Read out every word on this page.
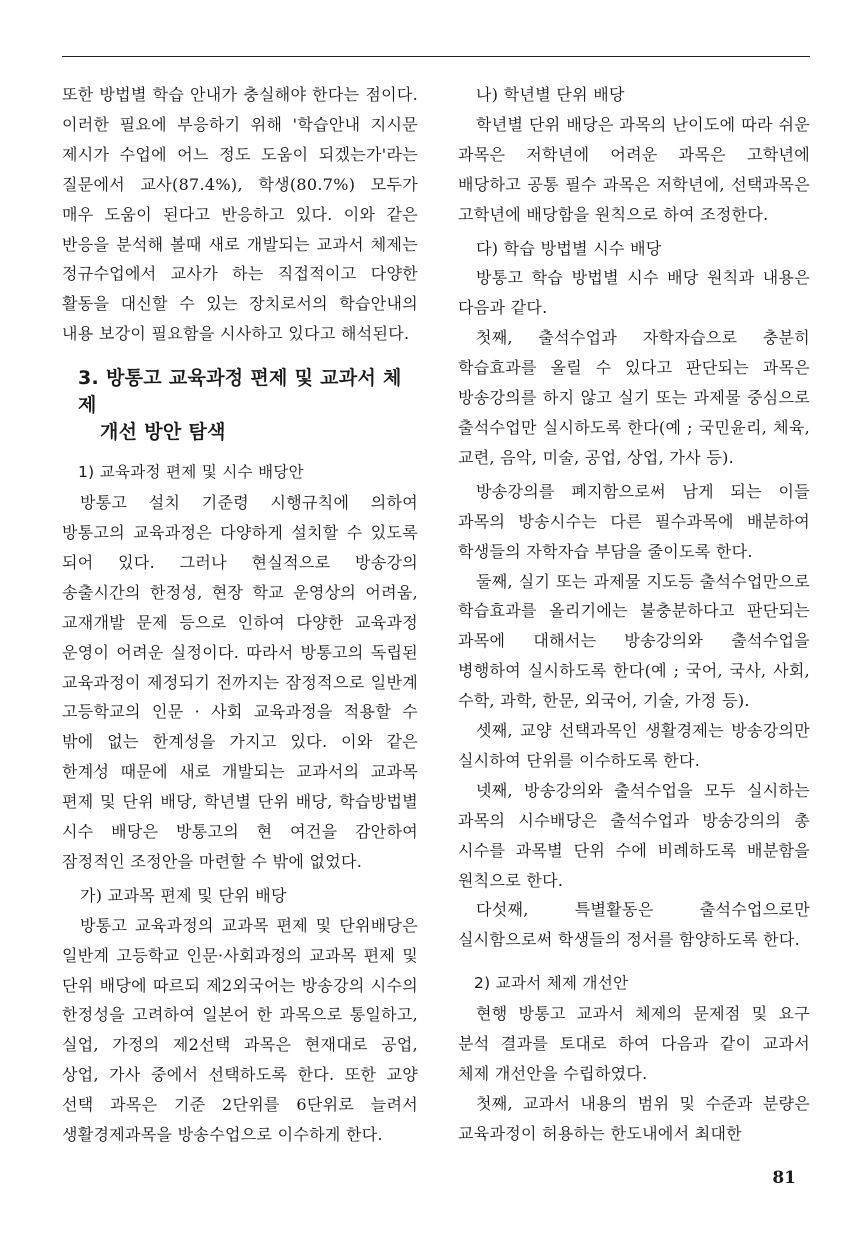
또한 방법별 학습 안내가 충실해야 한다는 점이다. 이러한 필요에 부응하기 위해 '학습안내 지시문 제시가 수업에 어느 정도 도움이 되겠는가'라는 질문에서 교사(87.4%), 학생(80.7%) 모두가 매우 도움이 된다고 반응하고 있다. 이와 같은 반응을 분석해 볼때 새로 개발되는 교과서 체제는 정규수업에서 교사가 하는 직접적이고 다양한 활동을 대신할 수 있는 장치로서의 학습안내의 내용 보강이 필요함을 시사하고 있다고 해석된다.

3. 방통고 교육과정 편제 및 교과서 체제
개선 방안 탐색

1) 교육과정 편제 및 시수 배당안

방통고 설치 기준령 시행규칙에 의하여 방통고의 교육과정은 다양하게 설치할 수 있도록 되어 있다. 그러나 현실적으로 방송강의 송출시간의 한정성, 현장 학교 운영상의 어려움, 교재개발 문제 등으로 인하여 다양한 교육과정 운영이 어려운 실정이다. 따라서 방통고의 독립된 교육과정이 제정되기 전까지는 잠정적으로 일반계 고등학교의 인문 · 사회 교육과정을 적용할 수 밖에 없는 한계성을 가지고 있다. 이와 같은 한계성 때문에 새로 개발되는 교과서의 교과목 편제 및 단위 배당, 학년별 단위 배당, 학습방법별 시수 배당은 방통고의 현 여건을 감안하여 잠정적인 조정안을 마련할 수 밖에 없었다.

가) 교과목 편제 및 단위 배당

방통고 교육과정의 교과목 편제 및 단위배당은 일반계 고등학교 인문·사회과정의 교과목 편제 및 단위 배당에 따르되 제2외국어는 방송강의 시수의 한정성을 고려하여 일본어 한 과목으로 통일하고, 실업, 가정의 제2선택 과목은 현재대로 공업, 상업, 가사 중에서 선택하도록 한다. 또한 교양 선택 과목은 기준 2단위를 6단위로 늘려서 생활경제과목을 방송수업으로 이수하게 한다.

나) 학년별 단위 배당

학년별 단위 배당은 과목의 난이도에 따라 쉬운 과목은 저학년에 어려운 과목은 고학년에 배당하고 공통 필수 과목은 저학년에, 선택과목은 고학년에 배당함을 원칙으로 하여 조정한다.

다) 학습 방법별 시수 배당

방통고 학습 방법별 시수 배당 원칙과 내용은 다음과 같다.

첫째, 출석수업과 자학자습으로 충분히 학습효과를 올릴 수 있다고 판단되는 과목은 방송강의를 하지 않고 실기 또는 과제물 중심으로 출석수업만 실시하도록 한다(예 ; 국민윤리, 체육, 교련, 음악, 미술, 공업, 상업, 가사 등).

방송강의를 폐지함으로써 남게 되는 이들 과목의 방송시수는 다른 필수과목에 배분하여 학생들의 자학자습 부담을 줄이도록 한다.

둘째, 실기 또는 과제물 지도등 출석수업만으로 학습효과를 올리기에는 불충분하다고 판단되는 과목에 대해서는 방송강의와 출석수업을 병행하여 실시하도록 한다(예 ; 국어, 국사, 사회, 수학, 과학, 한문, 외국어, 기술, 가정 등).

셋째, 교양 선택과목인 생활경제는 방송강의만 실시하여 단위를 이수하도록 한다.

넷째, 방송강의와 출석수업을 모두 실시하는 과목의 시수배당은 출석수업과 방송강의의 총 시수를 과목별 단위 수에 비례하도록 배분함을 원칙으로 한다.

다섯째, 특별활동은 출석수업으로만 실시함으로써 학생들의 정서를 함양하도록 한다.

2) 교과서 체제 개선안

현행 방통고 교과서 체제의 문제점 및 요구 분석 결과를 토대로 하여 다음과 같이 교과서 체제 개선안을 수립하였다.

첫째, 교과서 내용의 범위 및 수준과 분량은 교육과정이 허용하는 한도내에서 최대한

81
